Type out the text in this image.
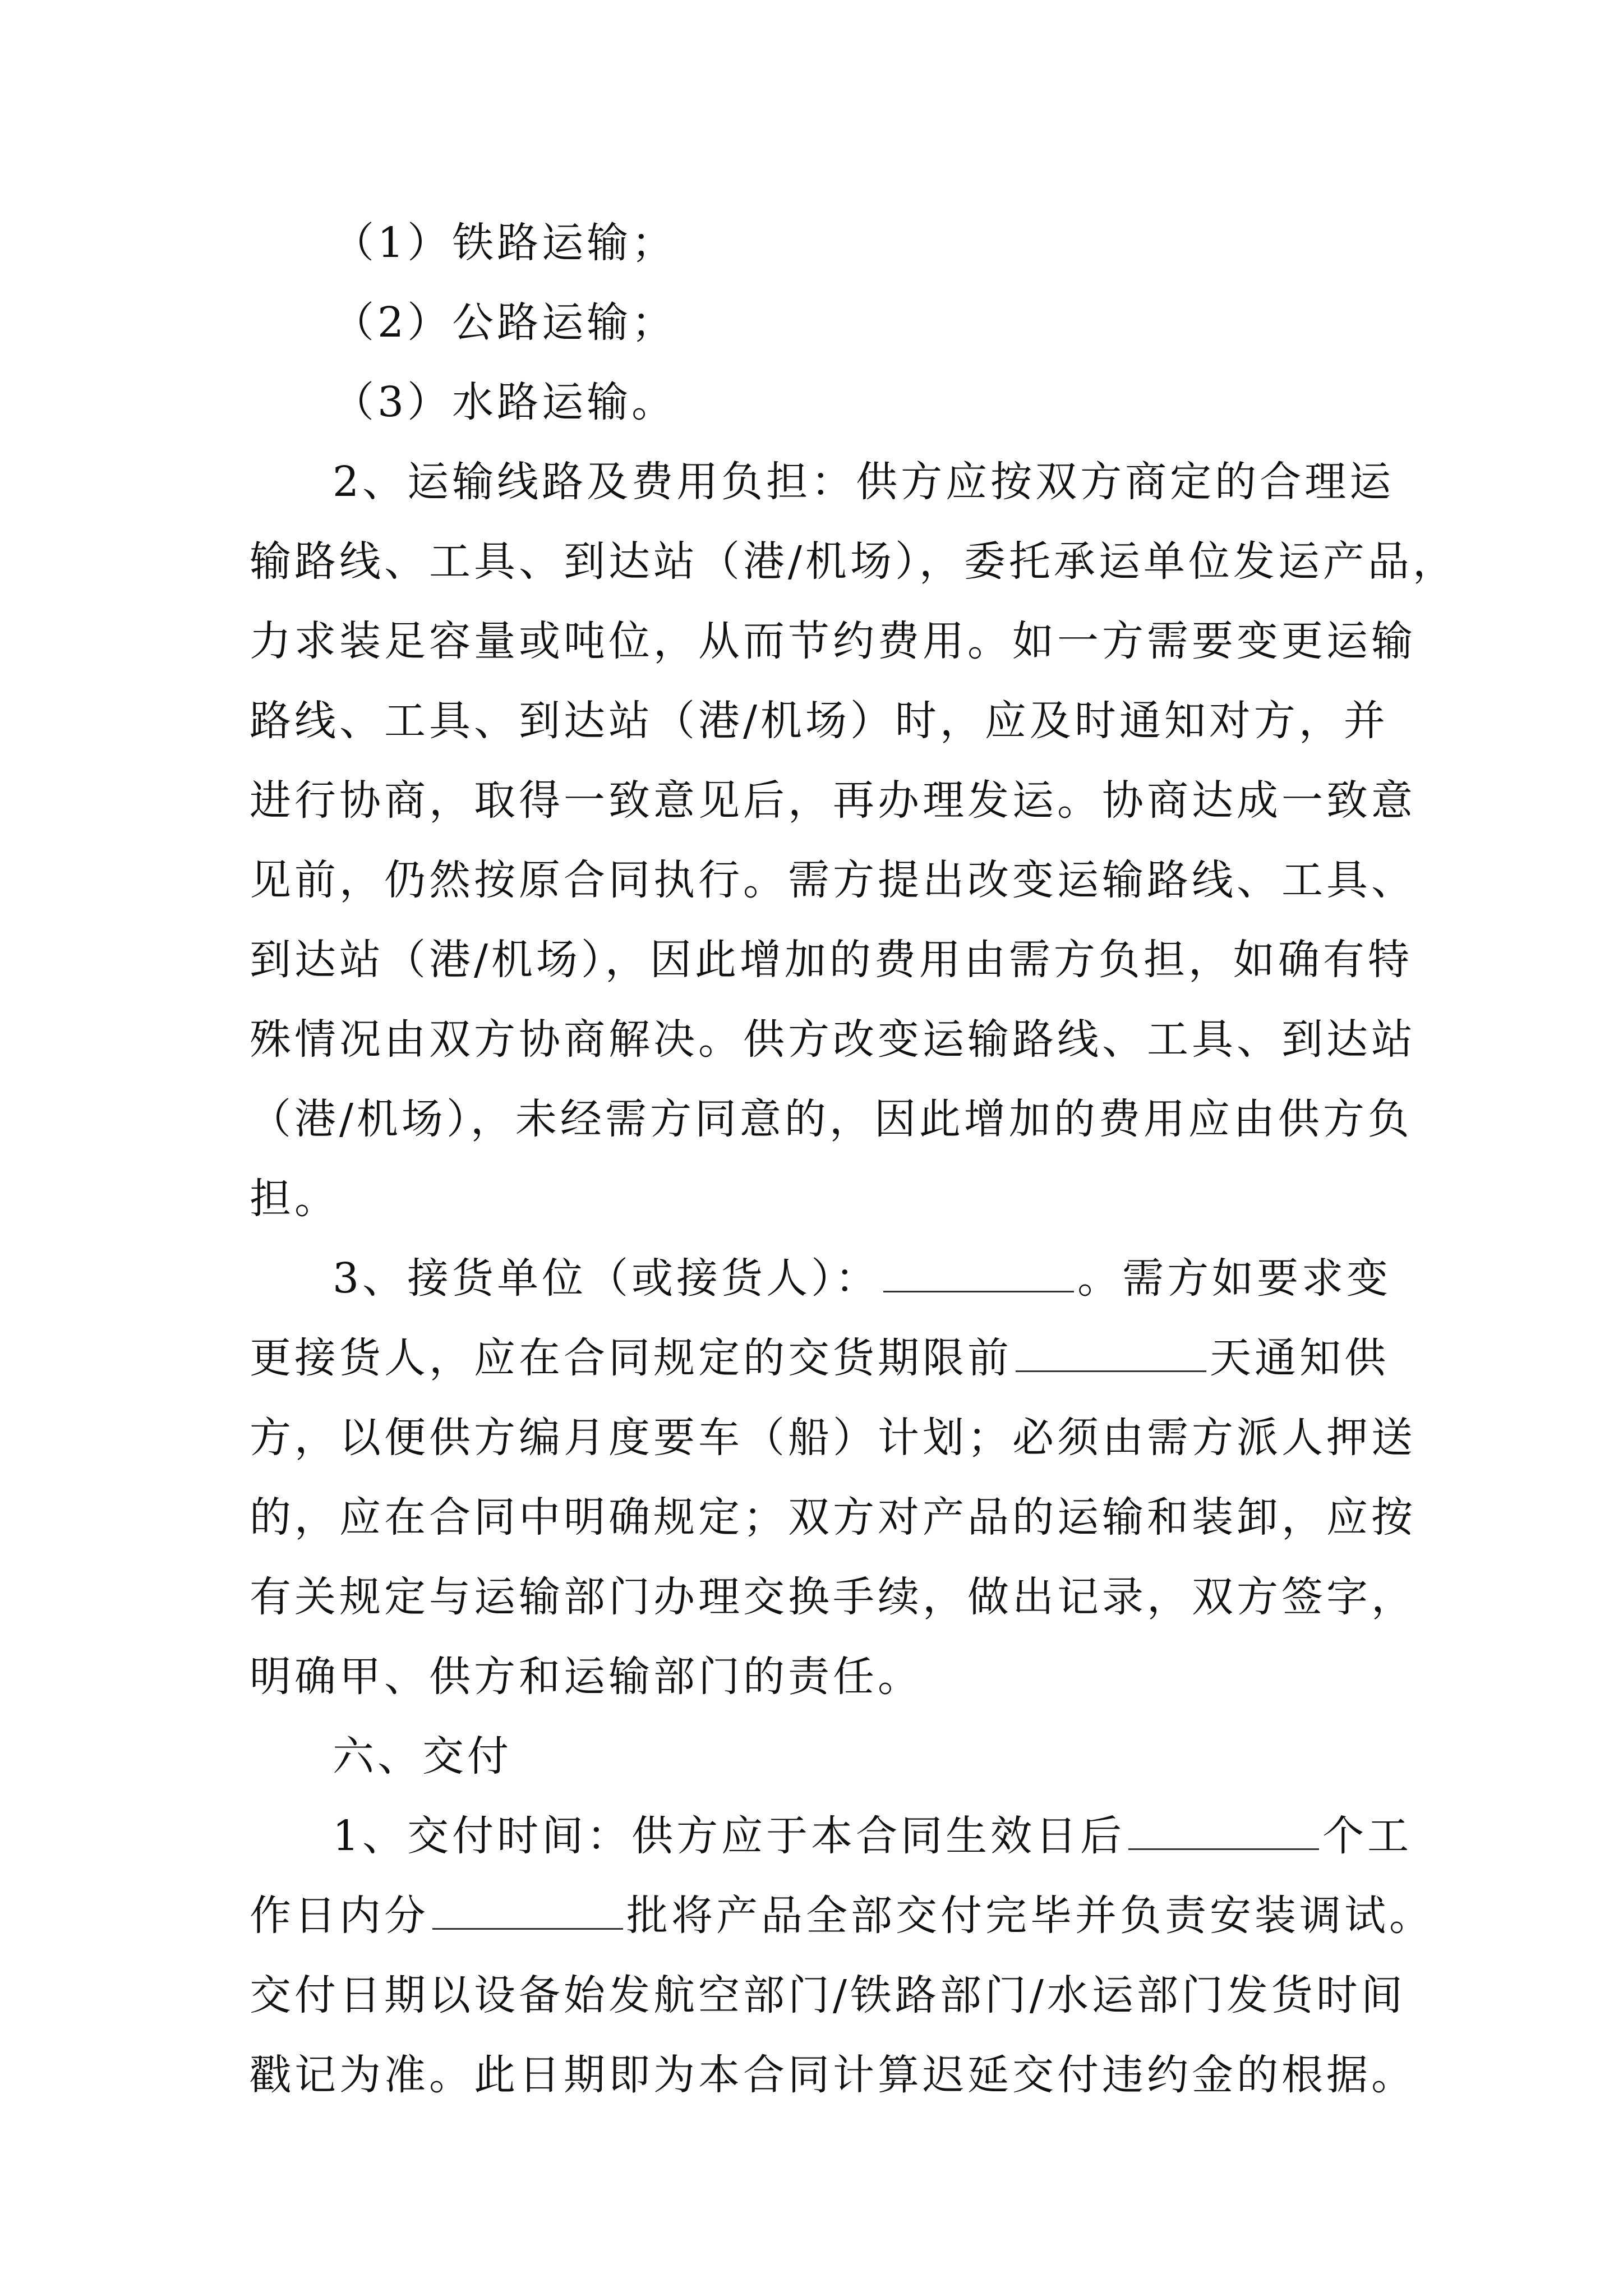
（1）铁路运输；
（2）公路运输；
（3）水路运输。
2、运输线路及费用负担：供方应按双方商定的合理运
输路线、工具、到达站（港/机场），委托承运单位发运产品，
力求装足容量或吨位，从而节约费用。如一方需要变更运输
路线、工具、到达站（港/机场）时，应及时通知对方，并
进行协商，取得一致意见后，再办理发运。协商达成一致意
见前，仍然按原合同执行。需方提出改变运输路线、工具、
到达站（港/机场），因此增加的费用由需方负担，如确有特
殊情况由双方协商解决。供方改变运输路线、工具、到达站
（港/机场），未经需方同意的，因此增加的费用应由供方负
担。
3、接货单位（或接货人）：	。需方如要求变
更接货人，应在合同规定的交货期限前	天通知供
方，以便供方编月度要车（船）计划；必须由需方派人押送
的，应在合同中明确规定；双方对产品的运输和装卸，应按
有关规定与运输部门办理交换手续，做出记录，双方签字，
明确甲、供方和运输部门的责任。
六、交付
1、交付时间：供方应于本合同生效日后	个工
作日内分	批将产品全部交付完毕并负责安装调试。
交付日期以设备始发航空部门/铁路部门/水运部门发货时间
戳记为准。此日期即为本合同计算迟延交付违约金的根据。
